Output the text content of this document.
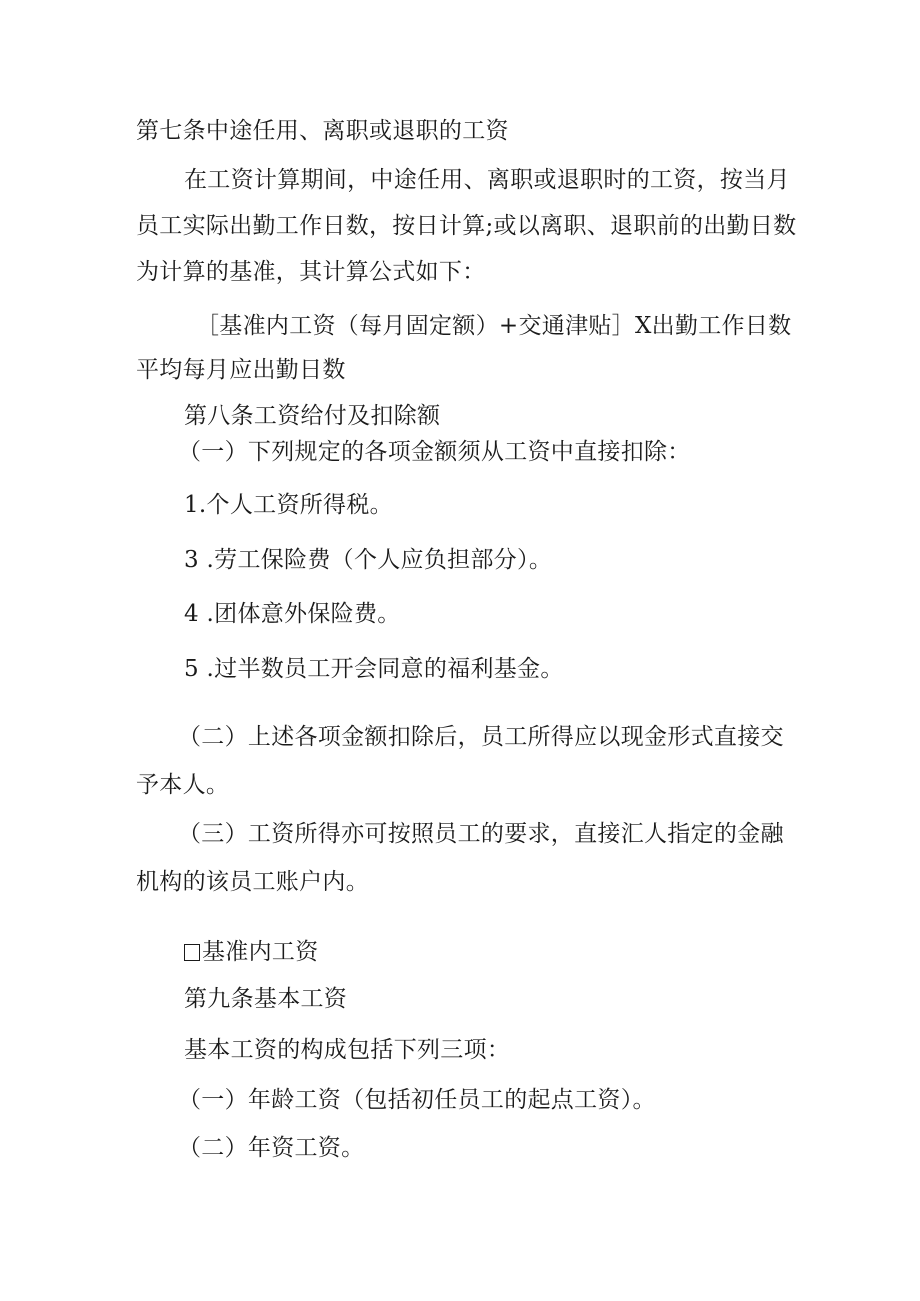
第七条中途任用、离职或退职的工资
在工资计算期间，中途任用、离职或退职时的工资，按当月
员工实际出勤工作日数，按日计算;或以离职、退职前的出勤日数
为计算的基准，其计算公式如下：
［基准内工资（每月固定额）+交通津贴］X出勤工作日数
平均每月应出勤日数
第八条工资给付及扣除额
（一）下列规定的各项金额须从工资中直接扣除：
1.个人工资所得税。
3 .劳工保险费（个人应负担部分）。
4 .团体意外保险费。
5 .过半数员工开会同意的福利基金。
（二）上述各项金额扣除后，员工所得应以现金形式直接交
予本人。
（三）工资所得亦可按照员工的要求，直接汇人指定的金融
机构的该员工账户内。
基准内工资
第九条基本工资
基本工资的构成包括下列三项：
（一）年龄工资（包括初任员工的起点工资）。
（二）年资工资。
